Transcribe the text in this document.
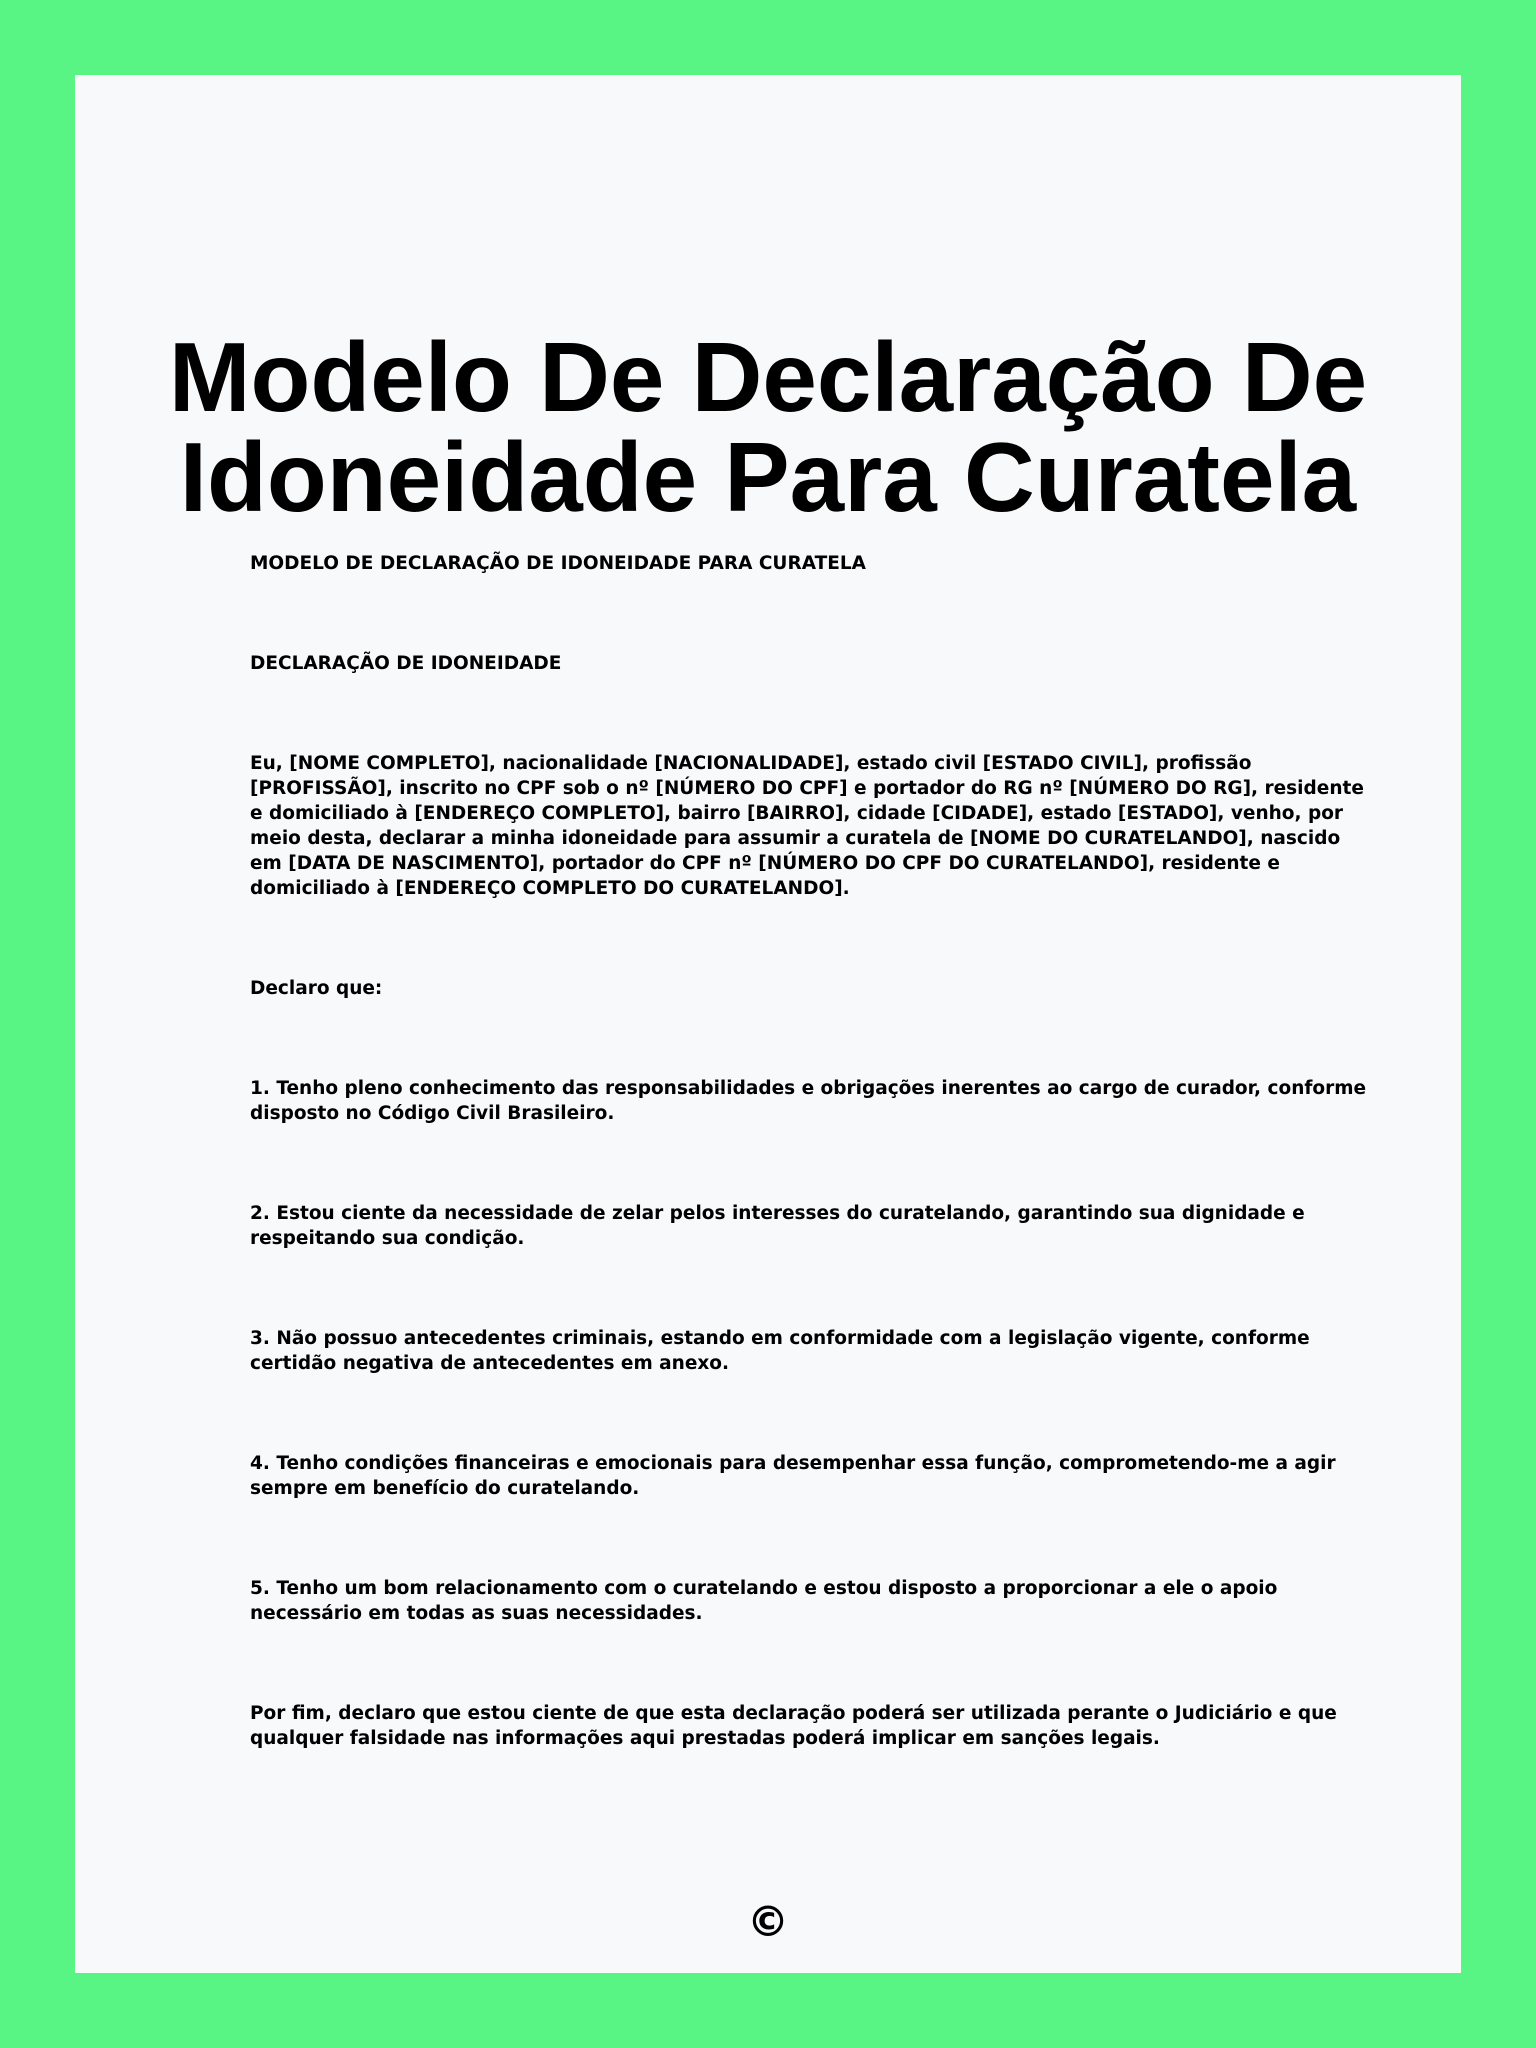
Modelo De Declaração De
Idoneidade Para Curatela

MODELO DE DECLARAÇÃO DE IDONEIDADE PARA CURATELA

DECLARAÇÃO DE IDONEIDADE

Eu, [NOME COMPLETO], nacionalidade [NACIONALIDADE], estado civil [ESTADO CIVIL], profissão [PROFISSÃO], inscrito no CPF sob o nº [NÚMERO DO CPF] e portador do RG nº [NÚMERO DO RG], residente e domiciliado à [ENDEREÇO COMPLETO], bairro [BAIRRO], cidade [CIDADE], estado [ESTADO], venho, por meio desta, declarar a minha idoneidade para assumir a curatela de [NOME DO CURATELANDO], nascido em [DATA DE NASCIMENTO], portador do CPF nº [NÚMERO DO CPF DO CURATELANDO], residente e domiciliado à [ENDEREÇO COMPLETO DO CURATELANDO].

Declaro que:

1. Tenho pleno conhecimento das responsabilidades e obrigações inerentes ao cargo de curador, conforme disposto no Código Civil Brasileiro.

2. Estou ciente da necessidade de zelar pelos interesses do curatelando, garantindo sua dignidade e respeitando sua condição.

3. Não possuo antecedentes criminais, estando em conformidade com a legislação vigente, conforme certidão negativa de antecedentes em anexo.

4. Tenho condições financeiras e emocionais para desempenhar essa função, comprometendo-me a agir sempre em benefício do curatelando.

5. Tenho um bom relacionamento com o curatelando e estou disposto a proporcionar a ele o apoio necessário em todas as suas necessidades.

Por fim, declaro que estou ciente de que esta declaração poderá ser utilizada perante o Judiciário e que qualquer falsidade nas informações aqui prestadas poderá implicar em sanções legais.

©
